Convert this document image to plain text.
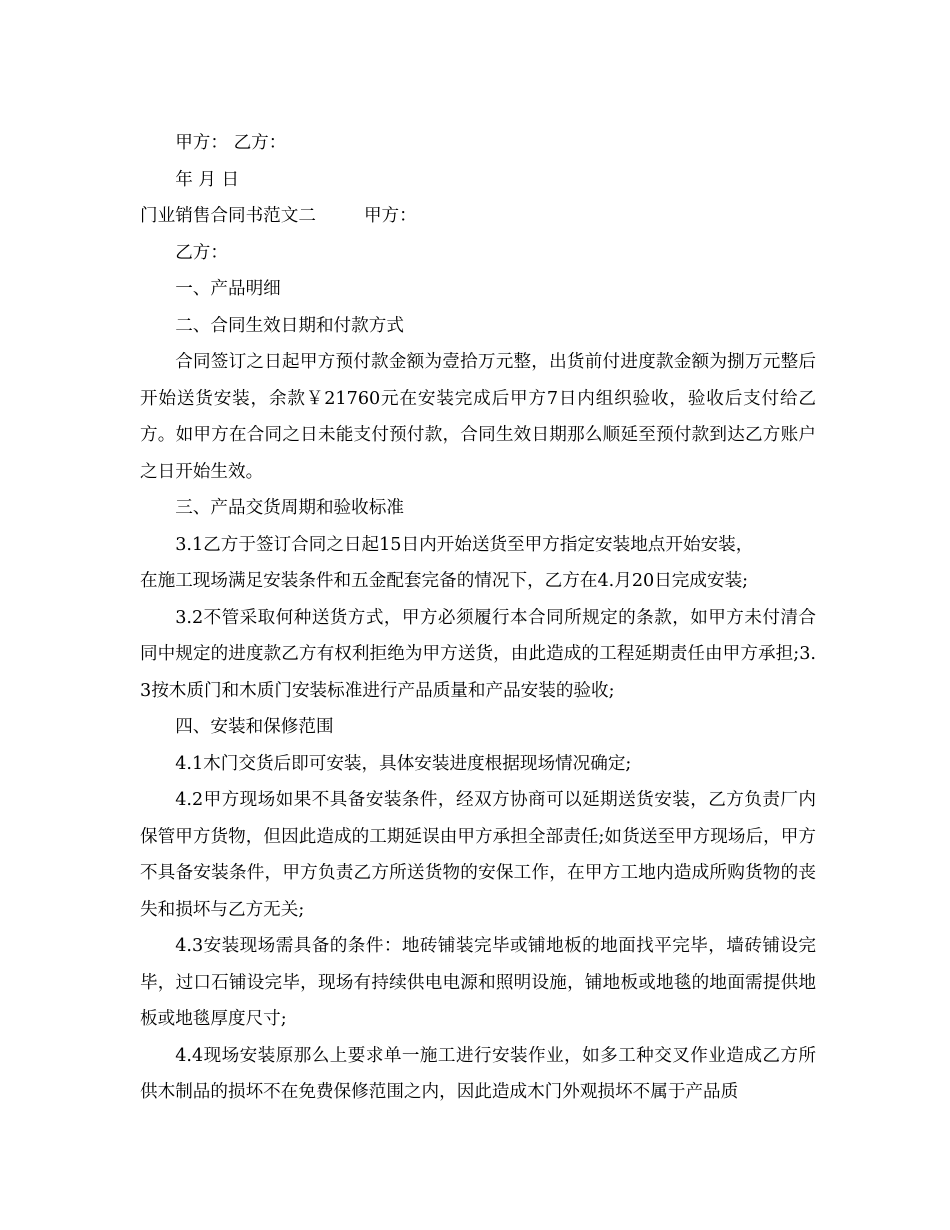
甲方： 乙方：

年 月 日

门业销售合同书范文二	甲方：

乙方：

一、产品明细

二、合同生效日期和付款方式

合同签订之日起甲方预付款金额为壹拾万元整，出货前付进度款金额为捌万元整后开始送货安装，余款￥21760元在安装完成后甲方7日内组织验收，验收后支付给乙方。如甲方在合同之日未能支付预付款，合同生效日期那么顺延至预付款到达乙方账户之日开始生效。

三、产品交货周期和验收标准

3.1乙方于签订合同之日起15日内开始送货至甲方指定安装地点开始安装，

在施工现场满足安装条件和五金配套完备的情况下，乙方在4.月20日完成安装;

3.2不管采取何种送货方式，甲方必须履行本合同所规定的条款，如甲方未付清合同中规定的进度款乙方有权利拒绝为甲方送货，由此造成的工程延期责任由甲方承担;3.3按木质门和木质门安装标准进行产品质量和产品安装的验收;

四、安装和保修范围

4.1木门交货后即可安装，具体安装进度根据现场情况确定;

4.2甲方现场如果不具备安装条件，经双方协商可以延期送货安装，乙方负责厂内保管甲方货物，但因此造成的工期延误由甲方承担全部责任;如货送至甲方现场后，甲方不具备安装条件，甲方负责乙方所送货物的安保工作，在甲方工地内造成所购货物的丧失和损坏与乙方无关;

4.3安装现场需具备的条件：地砖铺装完毕或铺地板的地面找平完毕，墙砖铺设完毕，过口石铺设完毕，现场有持续供电电源和照明设施，铺地板或地毯的地面需提供地板或地毯厚度尺寸;

4.4现场安装原那么上要求单一施工进行安装作业，如多工种交叉作业造成乙方所供木制品的损坏不在免费保修范围之内，因此造成木门外观损坏不属于产品质
